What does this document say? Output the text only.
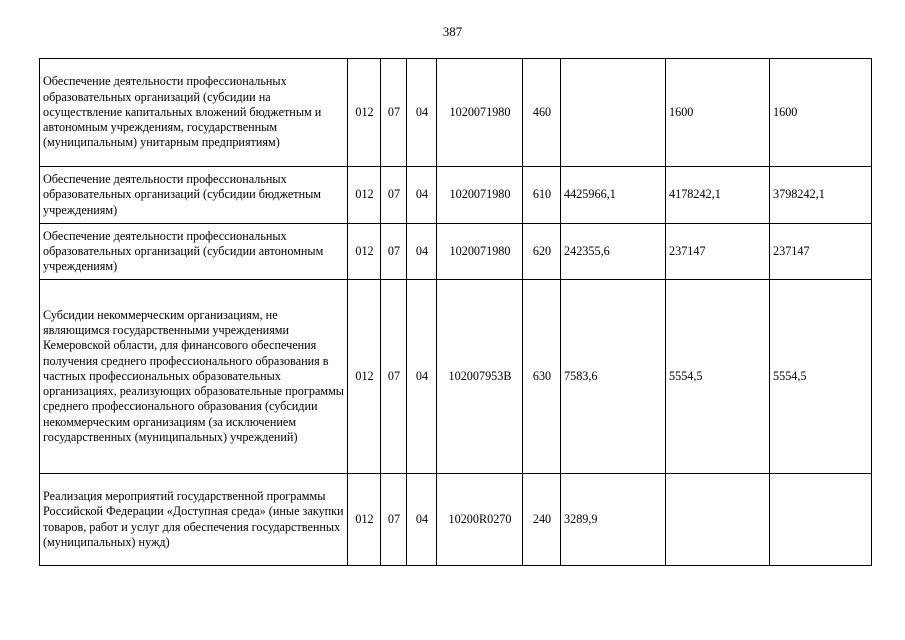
387
Обеспечение деятельности профессиональных образовательных организаций (субсидии на осуществление капитальных вложений бюджетным и автономным учреждениям, государственным (муниципальным) унитарным предприятиям)	012	07	04	1020071980	460		1600	1600
Обеспечение деятельности профессиональных образовательных организаций (субсидии бюджетным учреждениям)	012	07	04	1020071980	610	4425966,1	4178242,1	3798242,1
Обеспечение деятельности профессиональных образовательных организаций (субсидии автономным учреждениям)	012	07	04	1020071980	620	242355,6	237147	237147
Субсидии некоммерческим организациям, не являющимся государственными учреждениями Кемеровской области, для финансового обеспечения получения среднего профессионального образования в частных профессиональных образовательных организациях, реализующих образовательные программы среднего профессионального образования (субсидии некоммерческим организациям (за исключением государственных (муниципальных) учреждений)	012	07	04	102007953B	630	7583,6	5554,5	5554,5
Реализация мероприятий государственной программы Российской Федерации «Доступная среда» (иные закупки товаров, работ и услуг для обеспечения государственных (муниципальных) нужд)	012	07	04	10200R0270	240	3289,9		
